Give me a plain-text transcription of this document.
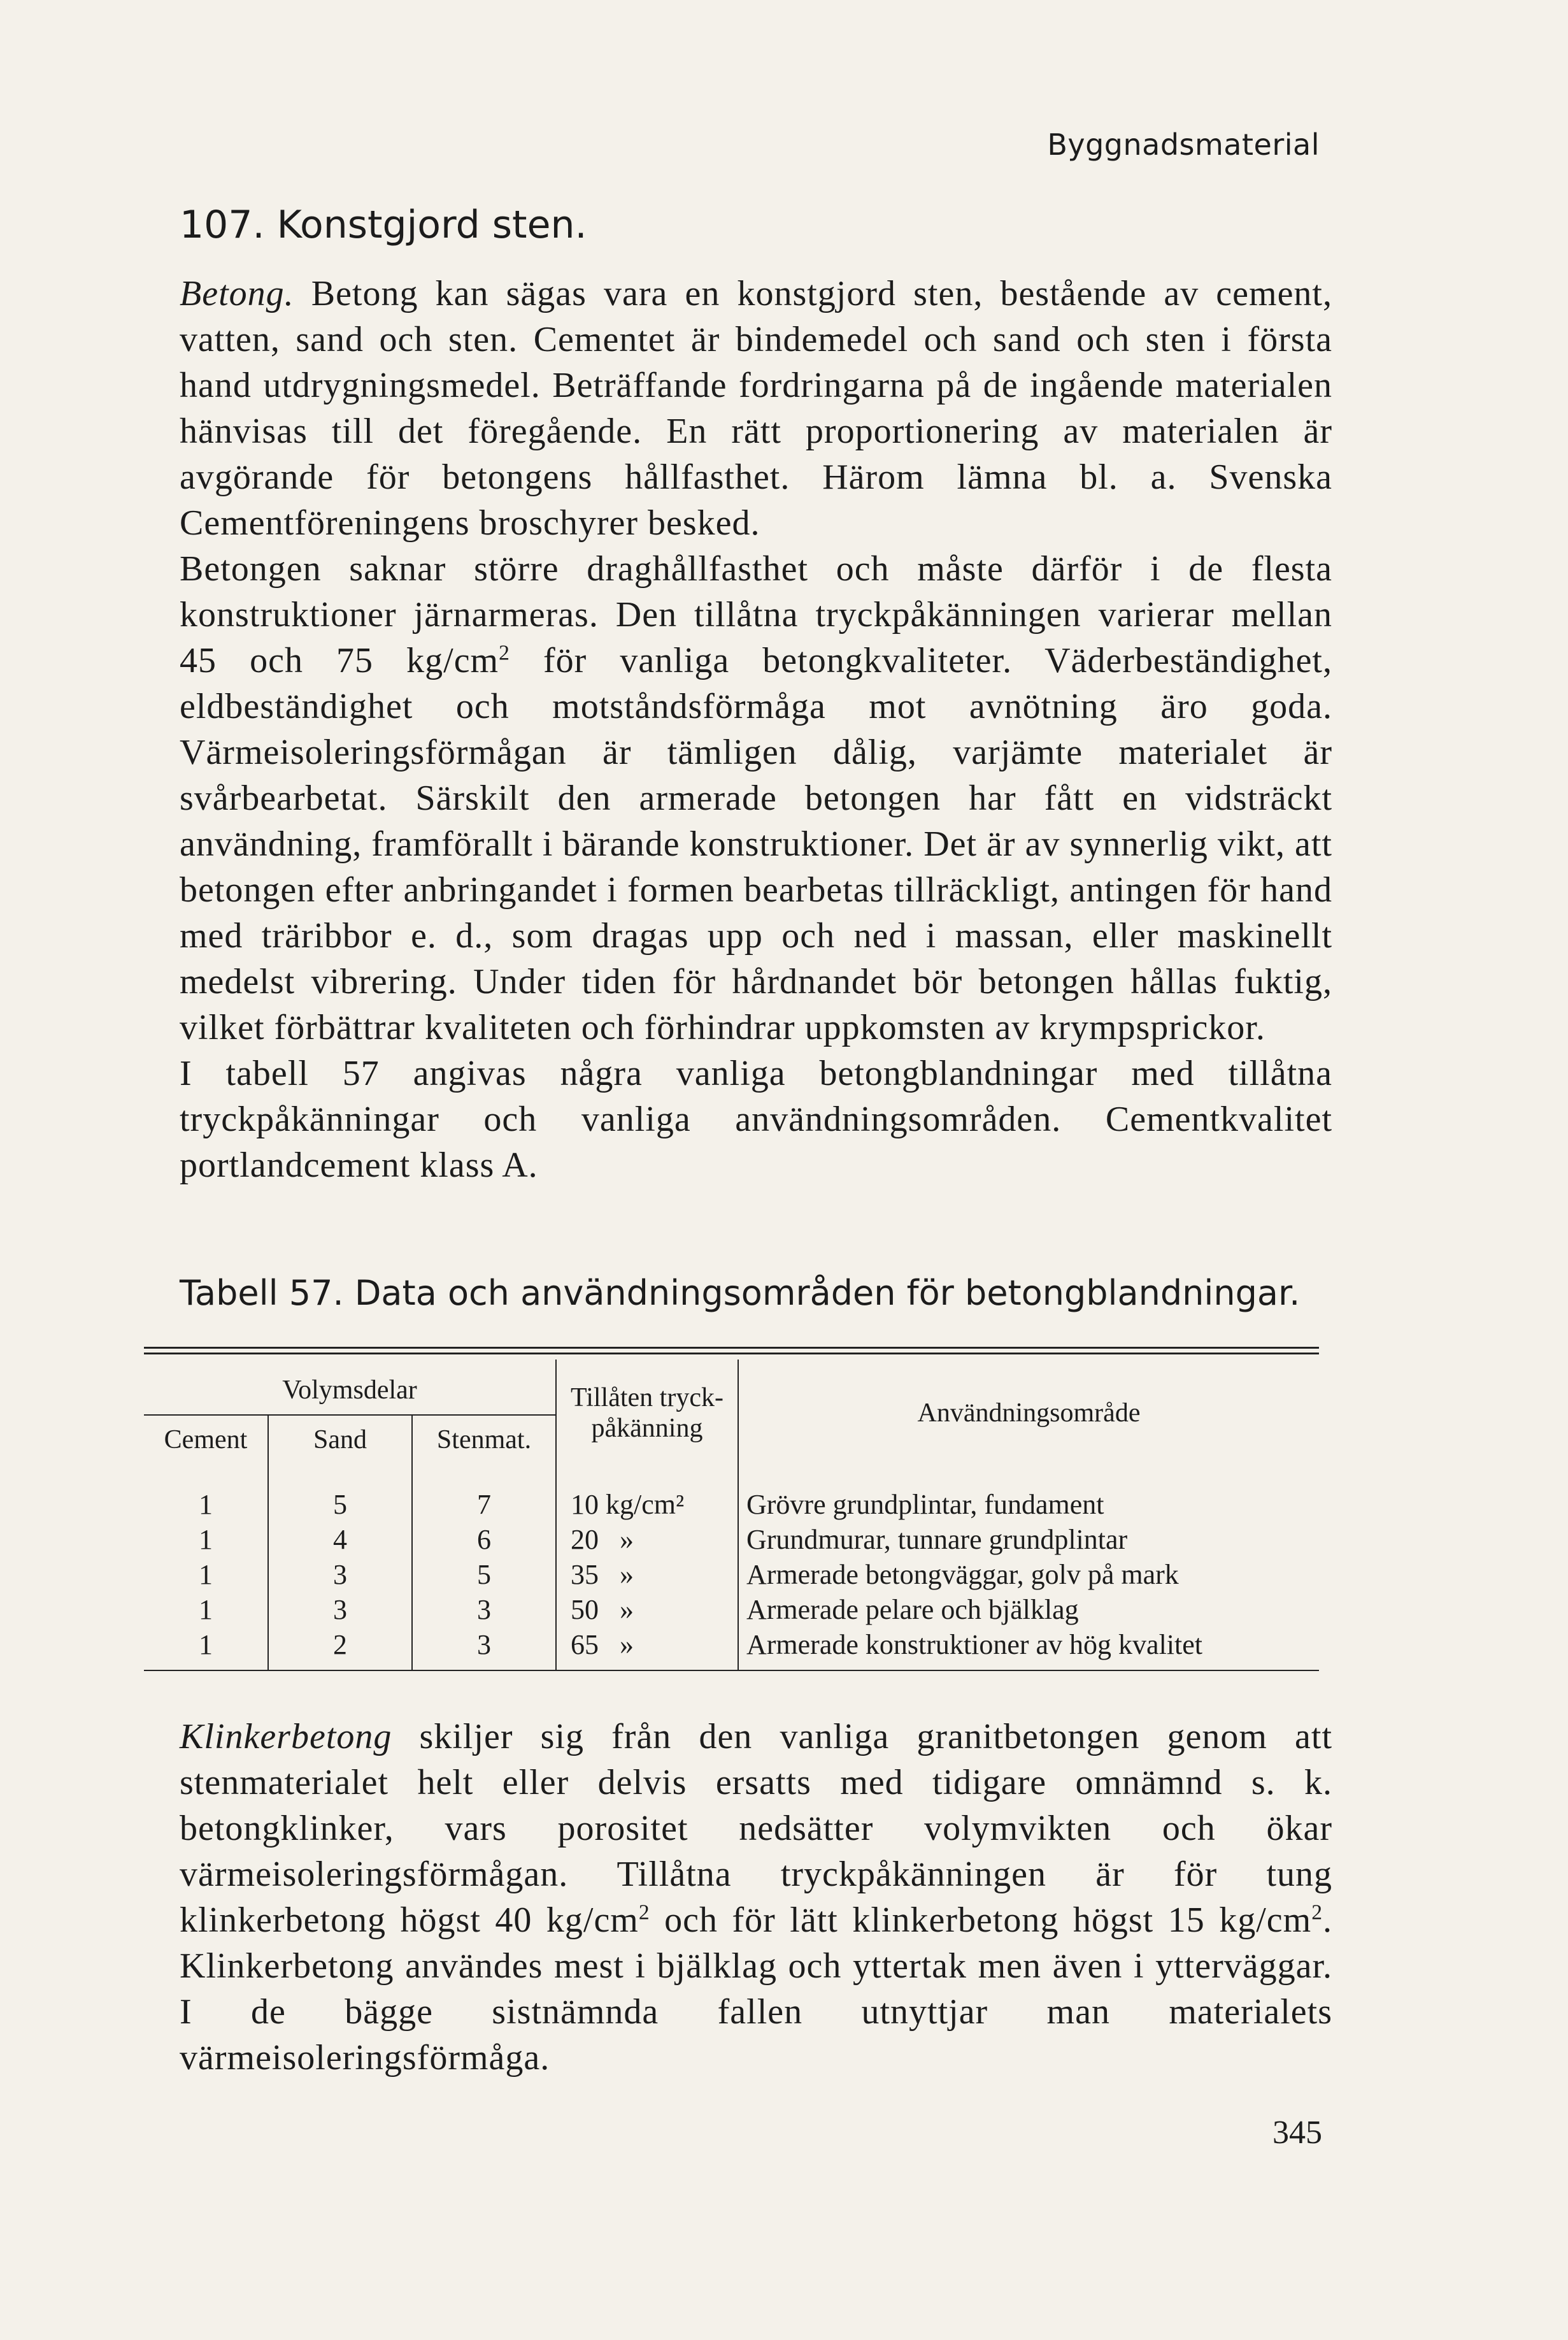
Byggnadsmaterial
107. Konstgjord sten.

Betong. Betong kan sägas vara en konstgjord sten, bestående av cement, vatten, sand och sten. Cementet är bindemedel och sand och sten i första hand utdrygningsmedel. Beträffande fordringarna på de ingående materialen hänvisas till det föregående. En rätt proportionering av materialen är avgörande för betongens hållfasthet. Härom lämna bl. a. Svenska Cementföreningens broschyrer besked.

Betongen saknar större draghållfasthet och måste därför i de flesta konstruktioner järnarmeras. Den tillåtna tryckpåkänningen varierar mellan 45 och 75 $kg/cm^2$ för vanliga betongkvaliteter. Väderbeständighet, eldbeständighet och motståndsförmåga mot avnötning äro goda. Värmeisoleringsförmågan är tämligen dålig, varjämte materialet är svårbearbetat. Särskilt den armerade betongen har fått en vidsträckt användning, framförallt i bärande konstruktioner. Det är av synnerlig vikt, att betongen efter anbringandet i formen bearbetas tillräckligt, antingen för hand med träribbor e. d., som dragas upp och ned i massan, eller maskinellt medelst vibrering. Under tiden för hårdnandet bör betongen hållas fuktig, vilket förbättrar kvaliteten och förhindrar uppkomsten av krympsprickor.

I tabell 57 angivas några vanliga betongblandningar med tillåtna tryckpåkänningar och vanliga användningsområden. Cementkvalitet portlandcement klass A.

Tabell 57. Data och användningsområden för betongblandningar.
Volymsdelar			Tillåten tryck-påkänning	Användningsområde
Cement	Sand	Stenmat.		
1	5	7	10 kg/cm²	Grövre grundplintar, fundament
1	4	6	20   »	Grundmurar, tunnare grundplintar
1	3	5	35   »	Armerade betongväggar, golv på mark
1	3	3	50   »	Armerade pelare och bjälklag
1	2	3	65   »	Armerade konstruktioner av hög kvalitet

Klinkerbetong skiljer sig från den vanliga granitbetongen genom att stenmaterialet helt eller delvis ersatts med tidigare omnämnd s. k. betongklinker, vars porositet nedsätter volymvikten och ökar värmeisoleringsförmågan. Tillåtna tryckpåkänningen är för tung klinkerbetong högst 40 $kg/cm^2$ och för lätt klinkerbetong högst 15 $kg/cm^2$. Klinkerbetong användes mest i bjälklag och yttertak men även i ytterväggar. I de bägge sistnämnda fallen utnyttjar man materialets värmeisoleringsförmåga.

345
